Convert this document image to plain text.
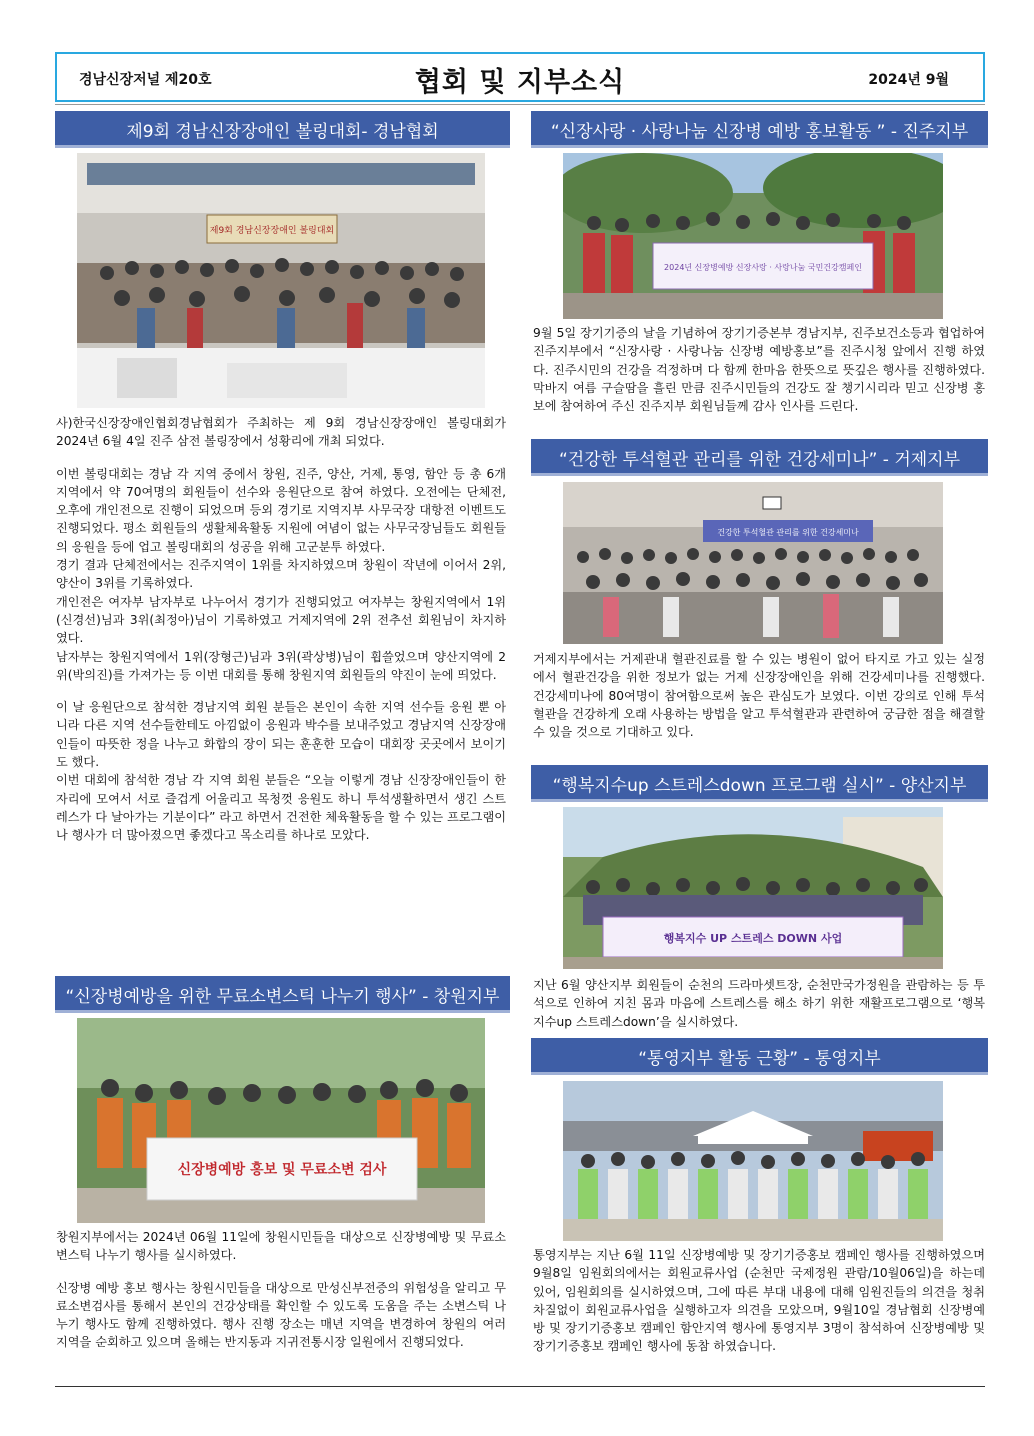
경남신장저널 제20호	협회 및 지부소식	2024년 9월
제9회 경남신장장애인 볼링대회- 경남협회
제9회 경남신장장애인 볼링대회

사)한국신장장애인협회경남협회가 주최하는 제 9회 경남신장장애인 볼링대회가 2024년 6월 4일 진주 삼전 볼링장에서 성황리에 개최 되었다.

이번 볼링대회는 경남 각 지역 중에서 창원, 진주, 양산, 거제, 통영, 함안 등 총 6개 지역에서 약 70여명의 회원들이 선수와 응원단으로 참여 하였다. 오전에는 단체전, 오후에 개인전으로 진행이 되었으며 등외 경기로 지역지부 사무국장 대항전 이벤트도 진행되었다. 평소 회원들의 생활체육활동 지원에 여념이 없는 사무국장님들도 회원들의 응원을 등에 업고 볼링대회의 성공을 위해 고군분투 하였다.

경기 결과 단체전에서는 진주지역이 1위를 차지하였으며 창원이 작년에 이어서 2위, 양산이 3위를 기록하였다.

개인전은 여자부 남자부로 나누어서 경기가 진행되었고 여자부는 창원지역에서 1위(신경선)님과 3위(최정아)님이 기록하였고 거제지역에 2위 전추선 회원님이 차지하였다.

남자부는 창원지역에서 1위(장형근)님과 3위(곽상병)님이 휩쓸었으며 양산지역에 2위(박의진)를 가져가는 등 이번 대회를 통해 창원지역 회원들의 약진이 눈에 띄었다.

이 날 응원단으로 참석한 경남지역 회원 분들은 본인이 속한 지역 선수들 응원 뿐 아니라 다른 지역 선수들한테도 아낌없이 응원과 박수를 보내주었고 경남지역 신장장애인들이 따뜻한 정을 나누고 화합의 장이 되는 훈훈한 모습이 대회장 곳곳에서 보이기도 했다.

이번 대회에 참석한 경남 각 지역 회원 분들은 “오늘 이렇게 경남 신장장애인들이 한 자리에 모여서 서로 즐겁게 어울리고 목청껏 응원도 하니 투석생활하면서 생긴 스트레스가 다 날아가는 기분이다” 라고 하면서 건전한 체육활동을 할 수 있는 프로그램이나 행사가 더 많아졌으면 좋겠다고 목소리를 하나로 모았다.

“신장병예방을 위한 무료소변스틱 나누기 행사” - 창원지부
신장병예방 홍보 및 무료소변 검사

창원지부에서는 2024년 06월 11일에 창원시민들을 대상으로 신장병예방 및 무료소변스틱 나누기 행사를 실시하였다.

신장병 예방 홍보 행사는 창원시민들을 대상으로 만성신부전증의 위험성을 알리고 무료소변검사를 통해서 본인의 건강상태를 확인할 수 있도록 도움을 주는 소변스틱 나누기 행사도 함께 진행하였다. 행사 진행 장소는 매년 지역을 변경하여 창원의 여러 지역을 순회하고 있으며 올해는 반지동과 지귀전통시장 일원에서 진행되었다.

“신장사랑 · 사랑나눔 신장병 예방 홍보활동 ” - 진주지부
2024년 신장병예방 신장사랑 · 사랑나눔 국민건강캠페인

9월 5일 장기기증의 날을 기념하여 장기기증본부 경남지부, 진주보건소등과 협업하여 진주지부에서 “신장사랑 · 사랑나눔 신장병 예방홍보”를 진주시청 앞에서 진행 하였다. 진주시민의 건강을 걱정하며 다 함께 한마음 한뜻으로 뜻깊은 행사를 진행하였다. 막바지 여름 구슬땀을 흘린 만큼 진주시민들의 건강도 잘 챙기시리라 믿고 신장병 홍보에 참여하여 주신 진주지부 회원님들께 감사 인사를 드린다.

“건강한 투석혈관 관리를 위한 건강세미나” - 거제지부
건강한 투석혈관 관리를 위한 건강세미나

거제지부에서는 거제관내 혈관진료를 할 수 있는 병원이 없어 타지로 가고 있는 실정에서 혈관건강을 위한 정보가 없는 거제 신장장애인을 위해 건강세미나를 진행했다. 건강세미나에 80여명이 참여함으로써 높은 관심도가 보였다. 이번 강의로 인해 투석혈관을 건강하게 오래 사용하는 방법을 알고 투석혈관과 관련하여 궁금한 점을 해결할 수 있을 것으로 기대하고 있다.

“행복지수up 스트레스down 프로그램 실시” - 양산지부
행복지수 UP 스트레스 DOWN 사업

지난 6월 양산지부 회원들이 순천의 드라마셋트장, 순천만국가정원을 관람하는 등 투석으로 인하여 지친 몸과 마음에 스트레스를 해소 하기 위한 재활프로그램으로 ‘행복지수up 스트레스down’을 실시하였다.

“통영지부 활동 근황” - 통영지부

통영지부는 지난 6월 11일 신장병예방 및 장기기증홍보 캠페인 행사를 진행하였으며 9월8일 임원회의에서는 회원교류사업 (순천만 국제정원 관람/10월06일)을 하는데 있어, 임원회의를 실시하였으며, 그에 따른 부대 내용에 대해 임원진들의 의견을 청취 차질없이 회원교류사업을 실행하고자 의견을 모았으며, 9월10일 경남협회 신장병예방 및 장기기증홍보 캠페인 함안지역 행사에 통영지부 3명이 참석하여 신장병예방 및 장기기증홍보 캠페인 행사에 동참 하였습니다.
